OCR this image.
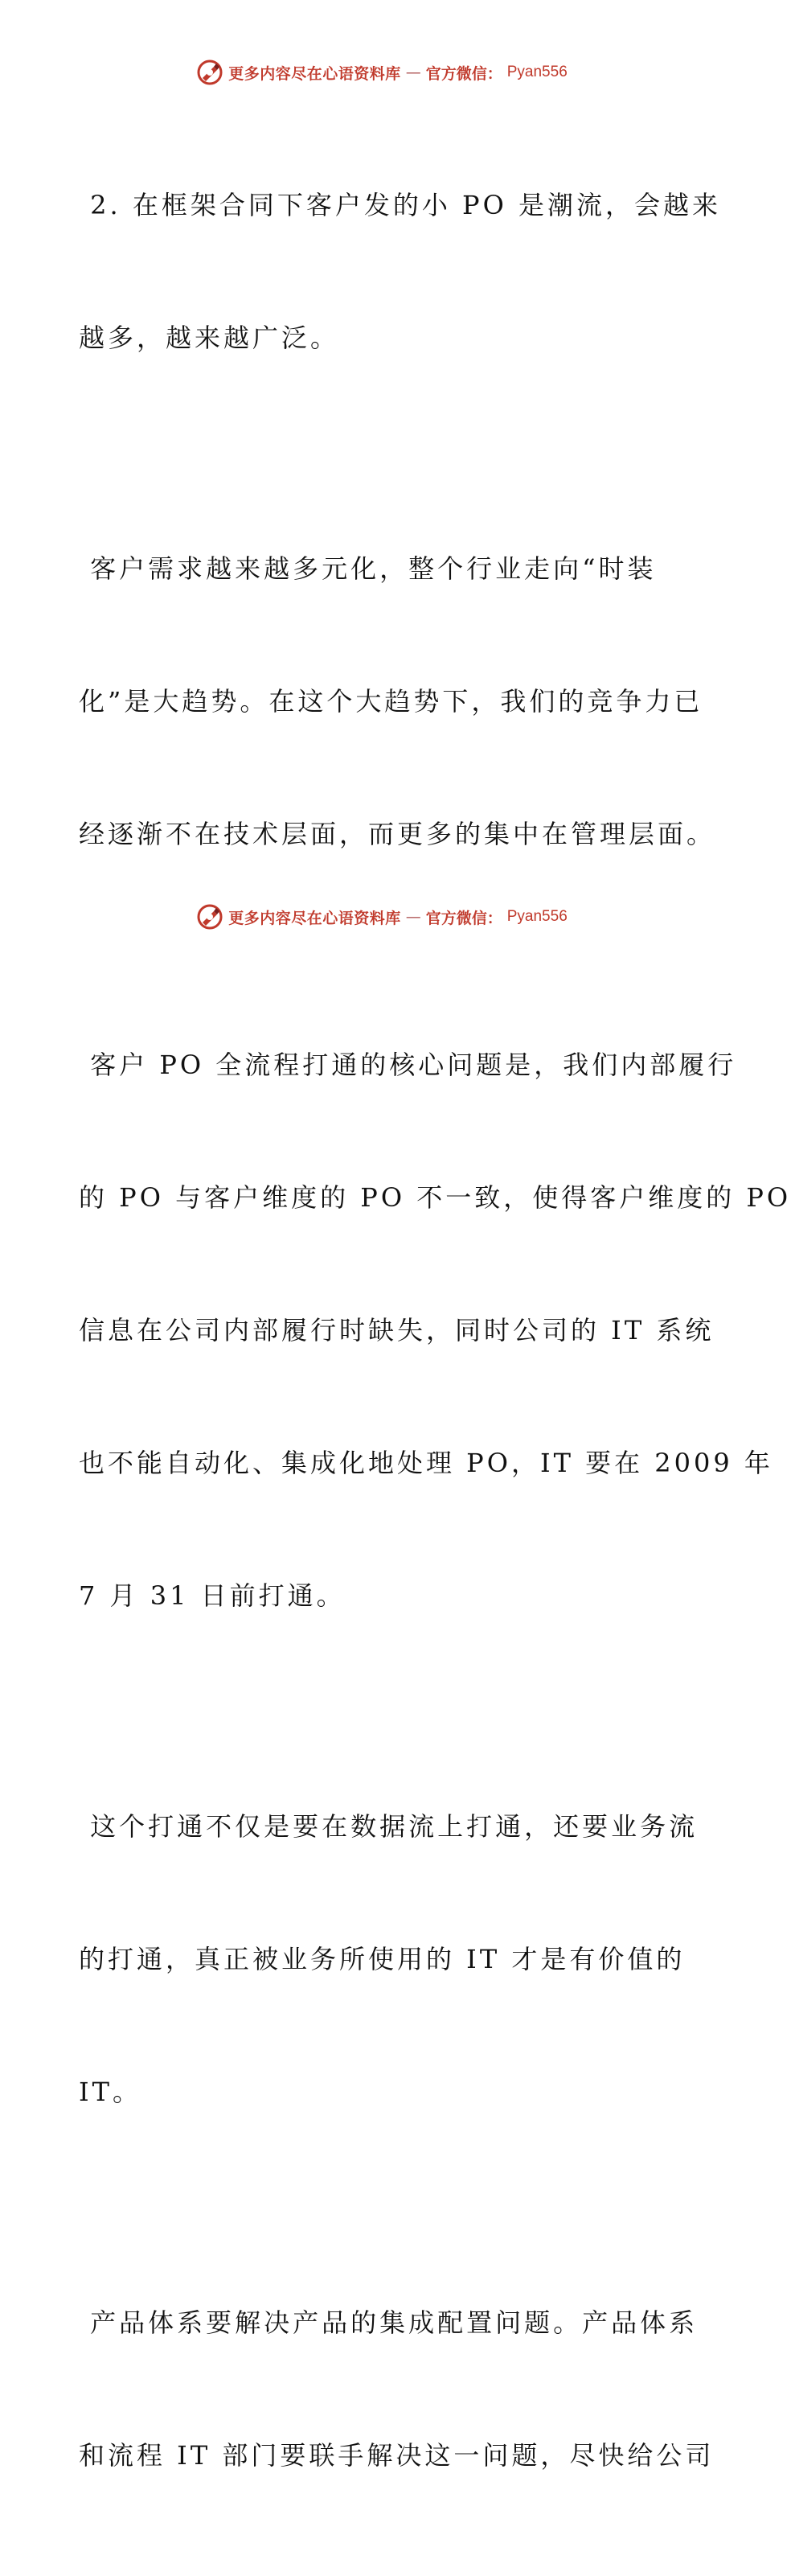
更多内容尽在心语资料库 — 官方微信： Pyan556

2. 在框架合同下客户发的小 PO 是潮流，会越来

越多，越来越广泛。

客户需求越来越多元化，整个行业走向“时装

化”是大趋势。在这个大趋势下，我们的竞争力已

经逐渐不在技术层面，而更多的集中在管理层面。

客户 PO 全流程打通的核心问题是，我们内部履行

的 PO 与客户维度的 PO 不一致，使得客户维度的 PO

信息在公司内部履行时缺失，同时公司的 IT 系统

也不能自动化、集成化地处理 PO，IT 要在 2009 年

7 月 31 日前打通。

这个打通不仅是要在数据流上打通，还要业务流

的打通，真正被业务所使用的 IT 才是有价值的

IT。

产品体系要解决产品的集成配置问题。产品体系

和流程 IT 部门要联手解决这一问题，尽快给公司

更多内容尽在心语资料库 — 官方微信： Pyan556
